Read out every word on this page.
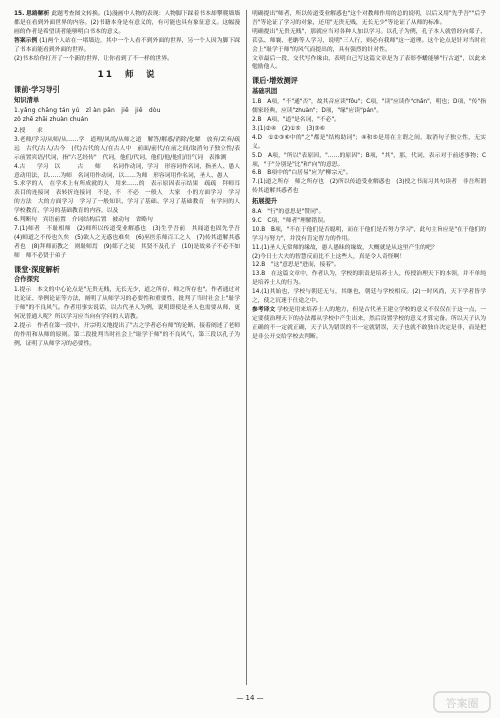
15. 思路解析 此题考查图文转换。(1)漫画中人物的表现：人物脚下踩着书本却攀爬墙墙都是在看到外面世界的内容。(2)书籍本身是有意义的，有可能也具有象征意义。这幅漫画的作者是希望读者能够明白书本的意义。

答案示例 (1)两个人站在一堵墙边，其中一个人看不到外面的世界，另一个人因为脚下踩了书本而能看到外面的世界。

(2)书本给你打开了一个新的世界，让你看到了不一样的世界。

11 师　说
课前·学习导引
知识清单

1.yǎng chāng tán yú　zǐ àn pān　jiē　jiě　dòu

zǒ zhē zhāi zhuàn chuán

2.授　　求

3.老师/学习/从师/从……学　道理/风尚/从师之道　解答/解惑/消除/化解　放弃/丢弃/疏远　古代/古人/古今　(代)古代的人/在古人中　前面/前代/在前之间/取消句子独立性/表示前置宾语/代词，指"六艺经传"　代词，他们/代词，他们/他/他们/语气词　表推测

4.古　　学习　以　　　古　　师　　名词作动词，学习　形容词作名词，指圣人、愚人　意动用法，以……为师　名词用作动词，以……为师　形容词用作名词，圣人、愚人

5.求学的人　在学术上有所成就的人　用来……的　表示原因表示结果　疏疏　拜师耳　表目的连接词　表转折连接词　不是，不　不必　一般人　大家　小的方面学习　学习的方法　大的方面学习　学习了一般知识、学习了基础、学习了基础教育　有学问的人　学校教育，学习的基础教育的内容，以及

6.判断句　宾语前置　介词结构后置　被动句　省略句

7.(1)师者　不耻相师　(2)师所以传道受业解惑也　(3)生乎吾前　其闻道也固先乎吾　(4)师道之不传也久矣　(5)欲人之无惑也难矣　(6)巫医乐师百工之人　(7)传其道解其惑者也　(8)拜师而教之　则耻师焉　(9)郯子之徒　其贤不及孔子　(10)是故弟子不必不如师　师不必贤于弟子

课堂·深度解析
合作探究

1.提示　本文的中心论点是"无贵无贱，无长无少，道之所存，师之所存也"。作者通过对比论证、举例论证等方法，阐明了从师学习的必要性和重要性，批判了当时社会上"耻学于师"的不良风气。作者用事实说话，以古代圣人为例，说明即使是圣人也需要从师，更何况普通人呢？所以学习应当向有学问的人请教。

2.提示　作者在第一段中，开宗明义地提出了"古之学者必有师"的论断，接着阐述了老师的作用和从师的原则。第二段批判当时社会上"耻学于师"的不良风气，第三段以孔子为例，证明了从师学习的必要性。

明确提出"师者，所以传道受业解惑也"这个对教师作用的总的说明，以后又用"先乎吾""后乎吾"等论证了学习的对象，还用"无贵无贱，无长无少"等论证了从师的标准。

明确提出"无贵无贱"，那就应当对各种人加以学习。以孔子为例，孔子本人就曾经向郯子、苌弘、师襄、老聃等人学习，说明"三人行，则必有我师"这一道理。这个论点是针对当时社会上"耻学于师"的风气而提出的，具有强烈的针对性。

文章最后一段，交代写作缘由，表明自己写这篇文章是为了表彰李蟠能够"行古道"，以此来勉励他人。

课后·增效测评
基础巩固

1.B　A项，"不"通"否"，故其音应读"fǒu"；C项，"读"应读作"chǎn"，明也；D项，"传"指儒家经典，应读"zhuàn"；D项，"缘"应读"pán"。

2.B　A项，"道"是名词，"不必"。

3.(1)②④　(2)①⑤　(3)③⑥

4.D　①②③⑥中的"之"都是"结构助词"；④和⑤是用在主谓之间，取消句子独立性，无实义。

5.D　A项，"所以"表原因，"……的原因"；B项，"其"，那，代词，表示对于前述事物；C项，"于"分别是"比"和"向"的意思。

6.B　B项中的"白居易"应为"柳宗元"。

7.(1)道之所存　师之所存也　(2)所以传道受业解惑也　(3)授之书而习其句读者　非吾所谓传其道解其惑者也

拓展提升

8.A　"行"的意思是"赞同"。

9.C　C项，"师者"理解错误。

10.B　B项，"不在于他们是否聪明，而在于他们是否努力学习"，此句主旨应是"在于他们的学习与努力"，并没有肯定智力的作用。

11.(1)圣人无常师的缘故，愚人愚昧的缘故，大概就是从这里产生的吧？

(2)今日士大夫的智慧反而比不上这些人，真是令人奇怪啊！

12.B　"这"意思是"进而，接着"。

13.B　在这篇文章中，作者认为，学校的职责是培养士人，传授治理天下的本领，并不单纯是培养士人的行为。

14.(1)其始也，学校与朝廷无与，其继也，朝廷与学校相反。(2)一时风尚，天下学者皆学之，使之沉迷于仕途之中。

参考译文 学校是用来培养士人的地方，但是古代圣王建立学校的意义不仅仅在于这一点，一定要使治理天下的办法都从学校中产生出来，然后设置学校的意义才算完备。所以天子认为正确的不一定就正确，天子认为错误的不一定就错误，天子也就不敢独自决定是非，而是把是非公开交给学校去判断。

— 14 —	答案圈
